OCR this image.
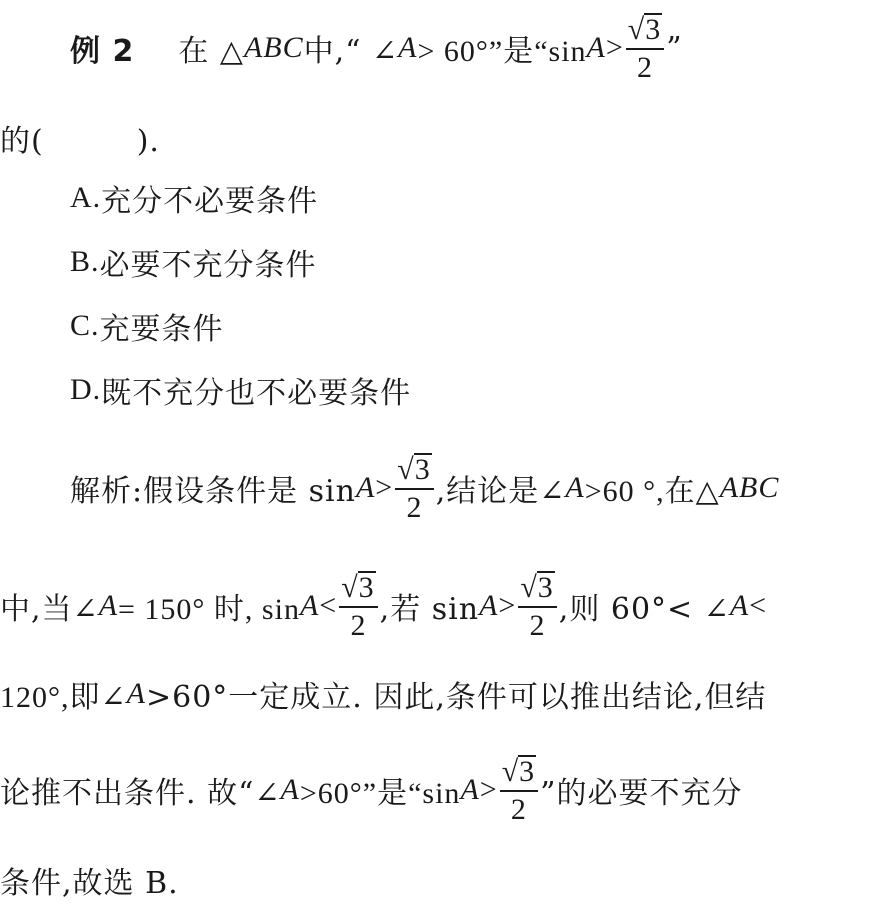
例 2 在 △ ABC 中,“ ∠ A > 60°”是“sin $A > \frac{√ 3}{2}$ ”
的(　　　).
A. 充分不必要条件
B. 必要不充分条件
C. 充要条件
D. 既不充分也不必要条件
解析:假设条件是 $\sin A > \frac{√ 3}{2}$ ,结论是∠ A >60 °,在△ ABC
中,当∠ A = 150° 时, $\sin A < \frac{√ 3}{2}$ ,若 $\sin A > \frac{√ 3}{2}$ ,则 60°< ∠ A <
120°,即∠ A >60°一定成立. 因此,条件可以推出结论,但结
论推不出条件. 故“∠ A >60°”是“sin $A > \frac{√ 3}{2}$ ”的必要不充分
条件,故选 B.
